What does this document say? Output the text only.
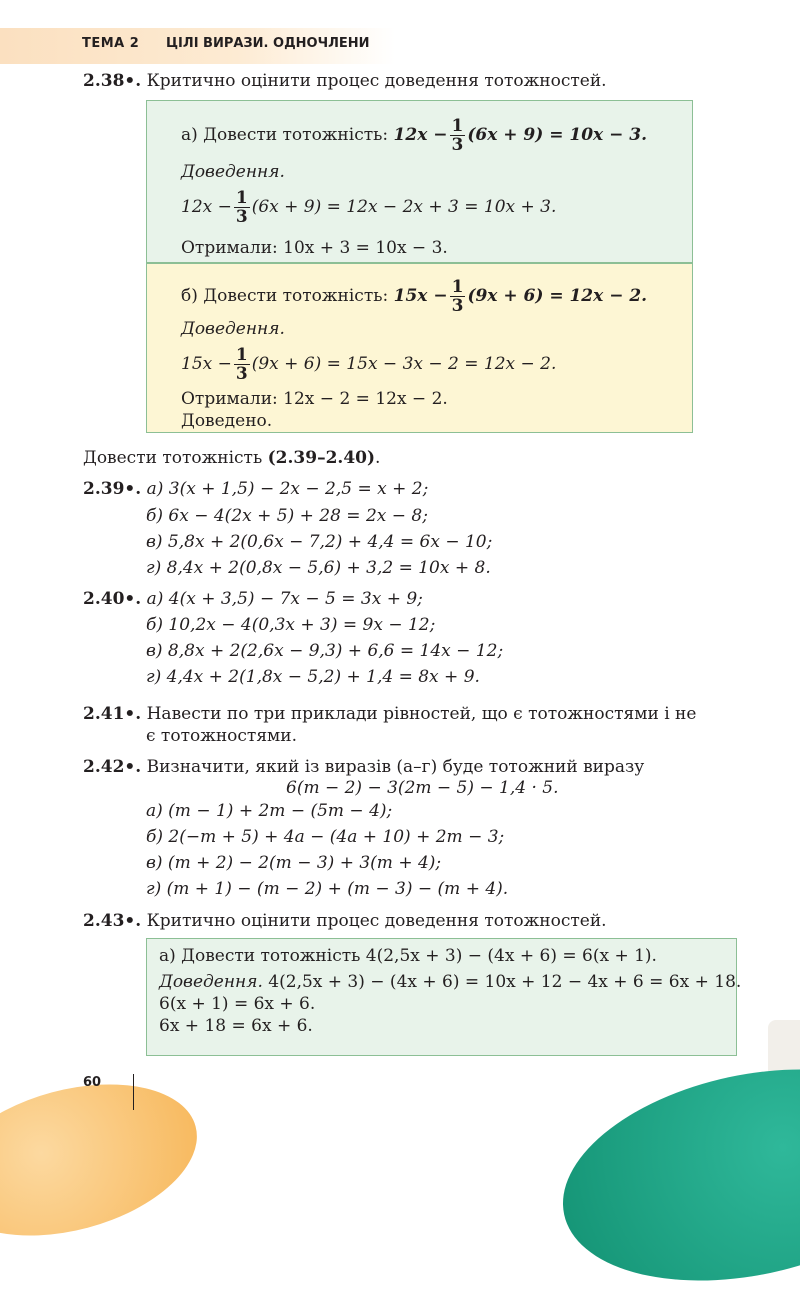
ТЕМА 2 ЦІЛІ ВИРАЗИ. ОДНОЧЛЕНИ
2.38•. Критично оцінити процес доведення тотожностей.
а) Довести тотожність: $12x - \frac{1}{3} (6x + 9) = 10x - 3$.
Доведення.
$12x - \frac{1}{3} (6x + 9) = 12x - 2x + 3 = 10x + 3$.
Отримали: 10x + 3 = 10x − 3.
б) Довести тотожність: $15x - \frac{1}{3} (9x + 6) = 12x - 2$.
Доведення.
$15x - \frac{1}{3} (9x + 6) = 15x - 3x - 2 = 12x - 2$.
Отримали: 12x − 2 = 12x − 2.
Доведено.
Довести тотожність (2.39–2.40).
2.39•. а) 3(x + 1,5) − 2x − 2,5 = x + 2;
б) 6x − 4(2x + 5) + 28 = 2x − 8;
в) 5,8x + 2(0,6x − 7,2) + 4,4 = 6x − 10;
г) 8,4x + 2(0,8x − 5,6) + 3,2 = 10x + 8.
2.40•. а) 4(x + 3,5) − 7x − 5 = 3x + 9;
б) 10,2x − 4(0,3x + 3) = 9x − 12;
в) 8,8x + 2(2,6x − 9,3) + 6,6 = 14x − 12;
г) 4,4x + 2(1,8x − 5,2) + 1,4 = 8x + 9.
2.41•. Навести по три приклади рівностей, що є тотожностями і не
є тотожностями.
2.42•. Визначити, який із виразів (а–г) буде тотожний виразу
6(m − 2) − 3(2m − 5) − 1,4 · 5.
а) (m − 1) + 2m − (5m − 4);
б) 2(−m + 5) + 4a − (4a + 10) + 2m − 3;
в) (m + 2) − 2(m − 3) + 3(m + 4);
г) (m + 1) − (m − 2) + (m − 3) − (m + 4).
2.43•. Критично оцінити процес доведення тотожностей.
а) Довести тотожність 4(2,5x + 3) − (4x + 6) = 6(x + 1).
Доведення. 4(2,5x + 3) − (4x + 6) = 10x + 12 − 4x + 6 = 6x + 18.
6(x + 1) = 6x + 6.
6x + 18 = 6x + 6.
60
